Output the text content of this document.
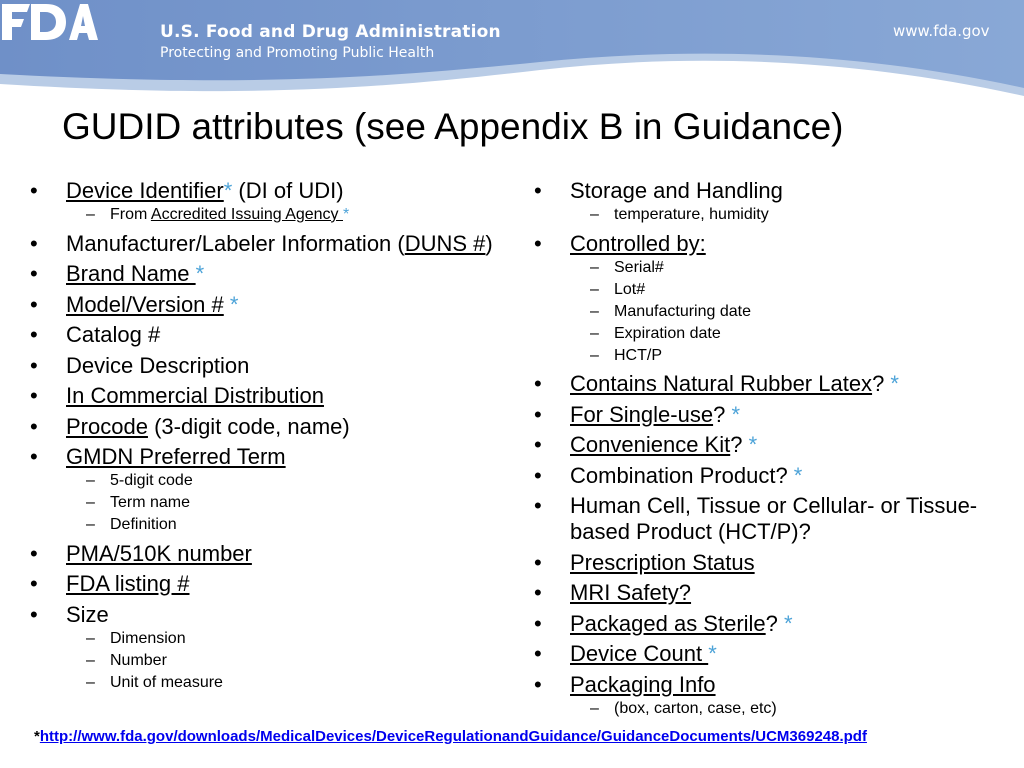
U.S. Food and Drug Administration
Protecting and Promoting Public Health
www.fda.gov
GUDID attributes (see Appendix B in Guidance)
• Device Identifier* (DI of UDI)
– From Accredited Issuing Agency *
• Manufacturer/Labeler Information (DUNS #)
• Brand Name *
• Model/Version # *
• Catalog #
• Device Description
• In Commercial Distribution
• Procode (3-digit code, name)
• GMDN Preferred Term
– 5-digit code
– Term name
– Definition
• PMA/510K number
• FDA listing #
• Size
– Dimension
– Number
– Unit of measure
• Storage and Handling
– temperature, humidity
• Controlled by:
– Serial#
– Lot#
– Manufacturing date
– Expiration date
– HCT/P
• Contains Natural Rubber Latex? *
• For Single-use? *
• Convenience Kit? *
• Combination Product? *
• Human Cell, Tissue or Cellular- or Tissue-based Product (HCT/P)?
• Prescription Status
• MRI Safety?
• Packaged as Sterile? *
• Device Count *
• Packaging Info
– (box, carton, case, etc)
*http://www.fda.gov/downloads/MedicalDevices/DeviceRegulationandGuidance/GuidanceDocuments/UCM369248.pdf
